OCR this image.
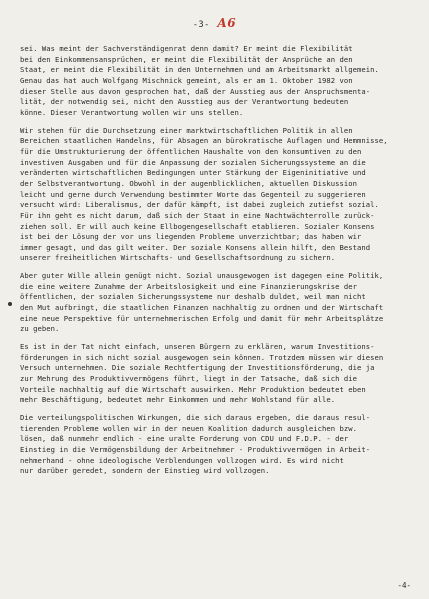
-3- A6
sei. Was meint der Sachverständigenrat denn damit? Er meint die Flexibilität
bei den Einkommensansprüchen, er meint die Flexibilität der Ansprüche an den
Staat, er meint die Flexibilität in den Unternehmen und am Arbeitsmarkt allgemein.
Genau das hat auch Wolfgang Mischnick gemeint, als er am 1. Oktober 1982 von
dieser Stelle aus davon gesprochen hat, daß der Ausstieg aus der Anspruchsmenta-
lität, der notwendig sei, nicht den Ausstieg aus der Verantwortung bedeuten
könne. Dieser Verantwortung wollen wir uns stellen.
Wir stehen für die Durchsetzung einer marktwirtschaftlichen Politik in allen
Bereichen staatlichen Handelns, für Absagen an bürokratische Auflagen und Hemmnisse,
für die Umstrukturierung der öffentlichen Haushalte von den konsumtiven zu den
investiven Ausgaben und für die Anpassung der sozialen Sicherungssysteme an die
veränderten wirtschaftlichen Bedingungen unter Stärkung der Eigeninitiative und
der Selbstverantwortung. Obwohl in der augenblicklichen, aktuellen Diskussion
leicht und gerne durch Verwendung bestimmter Worte das Gegenteil zu suggerieren
versucht wird: Liberalismus, der dafür kämpft, ist dabei zugleich zutiefst sozial.
Für ihn geht es nicht darum, daß sich der Staat in eine Nachtwächterrolle zurück-
ziehen soll. Er will auch keine Ellbogengesellschaft etablieren. Sozialer Konsens
ist bei der Lösung der vor uns liegenden Probleme unverzichtbar; das haben wir
immer gesagt, und das gilt weiter. Der soziale Konsens allein hilft, den Bestand
unserer freiheitlichen Wirtschafts- und Gesellschaftsordnung zu sichern.
Aber guter Wille allein genügt nicht. Sozial unausgewogen ist dagegen eine Politik,
die eine weitere Zunahme der Arbeitslosigkeit und eine Finanzierungskrise der
öffentlichen, der sozialen Sicherungssysteme nur deshalb duldet, weil man nicht
den Mut aufbringt, die staatlichen Finanzen nachhaltig zu ordnen und der Wirtschaft
eine neue Perspektive für unternehmerischen Erfolg und damit für mehr Arbeitsplätze
zu geben.
Es ist in der Tat nicht einfach, unseren Bürgern zu erklären, warum Investitions-
förderungen in sich nicht sozial ausgewogen sein können. Trotzdem müssen wir diesen
Versuch unternehmen. Die soziale Rechtfertigung der Investitionsförderung, die ja
zur Mehrung des Produktivvermögens führt, liegt in der Tatsache, daß sich die
Vorteile nachhaltig auf die Wirtschaft auswirken. Mehr Produktion bedeutet eben
mehr Beschäftigung, bedeutet mehr Einkommen und mehr Wohlstand für alle.
Die verteilungspolitischen Wirkungen, die sich daraus ergeben, die daraus resul-
tierenden Probleme wollen wir in der neuen Koalition dadurch ausgleichen bzw.
lösen, daß nunmehr endlich - eine uralte Forderung von CDU und F.D.P. - der
Einstieg in die Vermögensbildung der Arbeitnehmer - Produktivvermögen in Arbeit-
nehmerhand - ohne ideologische Verblendungen vollzogen wird. Es wird nicht
nur darüber geredet, sondern der Einstieg wird vollzogen.
-4-
